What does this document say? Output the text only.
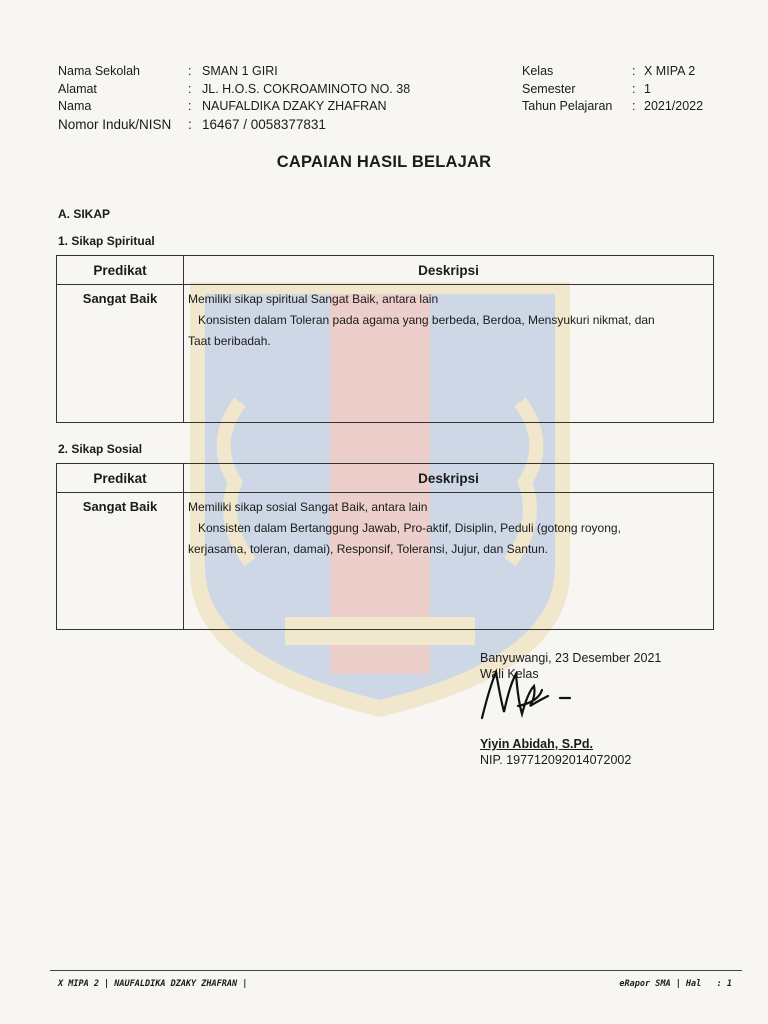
Nama Sekolah	: SMAN 1 GIRI
Alamat	: JL. H.O.S. COKROAMINOTO NO. 38
Nama	: NAUFALDIKA DZAKY ZHAFRAN
Nomor Induk/NISN	: 16467 / 0058377831
Kelas	: X MIPA 2
Semester	: 1
Tahun Pelajaran	: 2021/2022
CAPAIAN HASIL BELAJAR
A. SIKAP
1. Sikap Spiritual
Predikat	Deskripsi
Sangat Baik	Memiliki sikap spiritual Sangat Baik, antara lain
Konsisten dalam Toleran pada agama yang berbeda, Berdoa, Mensyukuri nikmat, dan
Taat beribadah.
2. Sikap Sosial
Predikat	Deskripsi
Sangat Baik	Memiliki sikap sosial Sangat Baik, antara lain
Konsisten dalam Bertanggung Jawab, Pro-aktif, Disiplin, Peduli (gotong royong,
kerjasama, toleran, damai), Responsif, Toleransi, Jujur, dan Santun.
Banyuwangi, 23 Desember 2021
Wali Kelas
Yiyin Abidah, S.Pd.
NIP. 197712092014072002
X MIPA 2 | NAUFALDIKA DZAKY ZHAFRAN |	eRapor SMA | Hal   : 1
